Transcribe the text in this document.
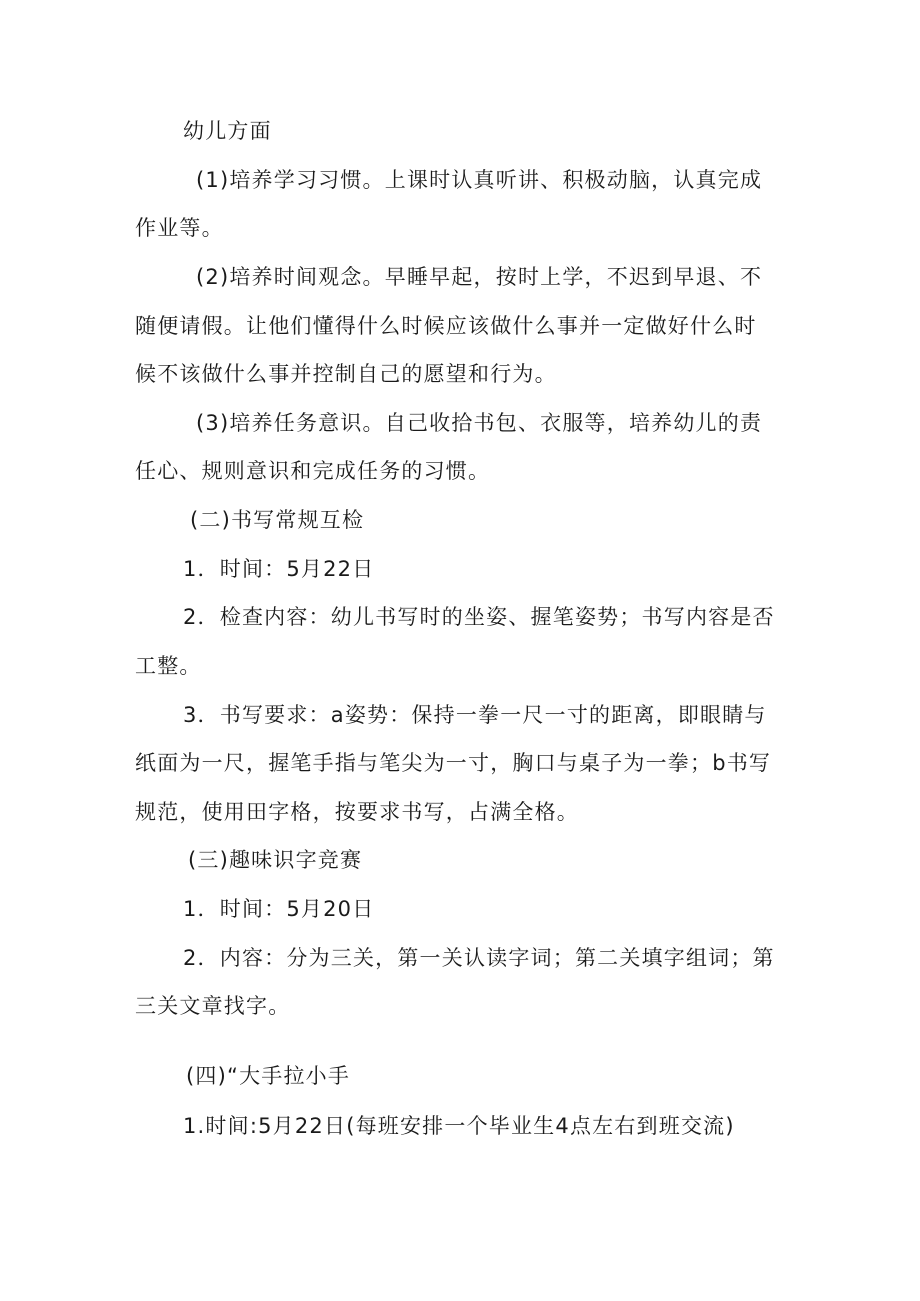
幼儿方面
(1)培养学习习惯。上课时认真听讲、积极动脑，认真完成
作业等。
(2)培养时间观念。早睡早起，按时上学，不迟到早退、不
随便请假。让他们懂得什么时候应该做什么事并一定做好什么时
候不该做什么事并控制自己的愿望和行为。
(3)培养任务意识。自己收拾书包、衣服等，培养幼儿的责
任心、规则意识和完成任务的习惯。
(二)书写常规互检
1．时间：5月22日
2．检查内容：幼儿书写时的坐姿、握笔姿势；书写内容是否
工整。
3．书写要求：a姿势：保持一拳一尺一寸的距离，即眼睛与
纸面为一尺，握笔手指与笔尖为一寸，胸口与桌子为一拳；b书写
规范，使用田字格，按要求书写，占满全格。
(三)趣味识字竞赛
1．时间：5月20日
2．内容：分为三关，第一关认读字词；第二关填字组词；第
三关文章找字。
(四)“大手拉小手
1.时间:5月22日(每班安排一个毕业生4点左右到班交流)
